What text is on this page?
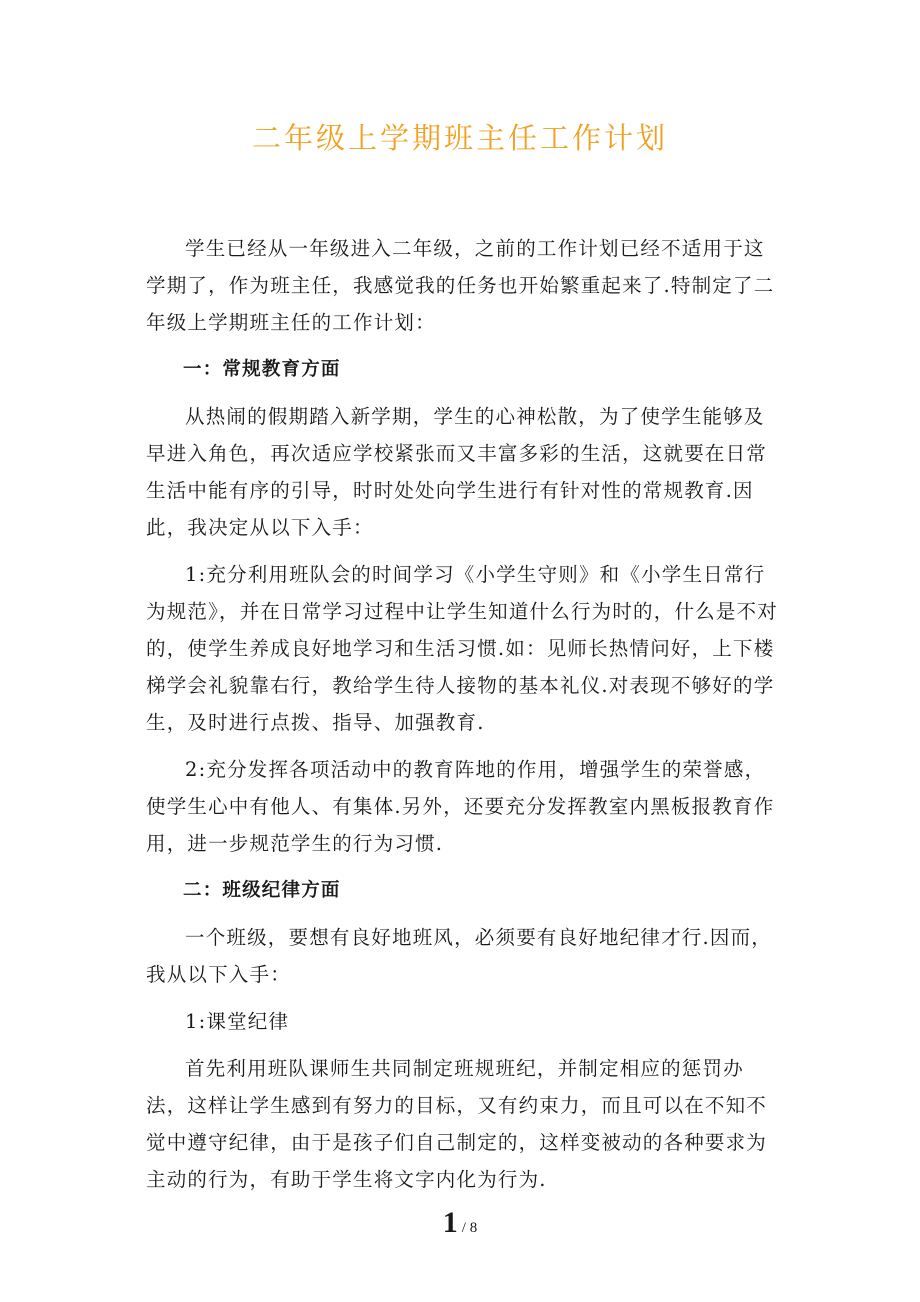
二年级上学期班主任工作计划

学生已经从一年级进入二年级，之前的工作计划已经不适用于这学期了，作为班主任，我感觉我的任务也开始繁重起来了.特制定了二年级上学期班主任的工作计划：

一：常规教育方面

从热闹的假期踏入新学期，学生的心神松散，为了使学生能够及早进入角色，再次适应学校紧张而又丰富多彩的生活，这就要在日常生活中能有序的引导，时时处处向学生进行有针对性的常规教育.因此，我决定从以下入手：

1:充分利用班队会的时间学习《小学生守则》和《小学生日常行为规范》，并在日常学习过程中让学生知道什么行为时的，什么是不对的，使学生养成良好地学习和生活习惯.如：见师长热情问好，上下楼梯学会礼貌靠右行，教给学生待人接物的基本礼仪.对表现不够好的学生，及时进行点拨、指导、加强教育.

2:充分发挥各项活动中的教育阵地的作用，增强学生的荣誉感，使学生心中有他人、有集体.另外，还要充分发挥教室内黑板报教育作用，进一步规范学生的行为习惯.

二：班级纪律方面

一个班级，要想有良好地班风，必须要有良好地纪律才行.因而，我从以下入手：

1:课堂纪律

首先利用班队课师生共同制定班规班纪，并制定相应的惩罚办法，这样让学生感到有努力的目标，又有约束力，而且可以在不知不觉中遵守纪律，由于是孩子们自己制定的，这样变被动的各种要求为主动的行为，有助于学生将文字内化为行为.

1 / 8
